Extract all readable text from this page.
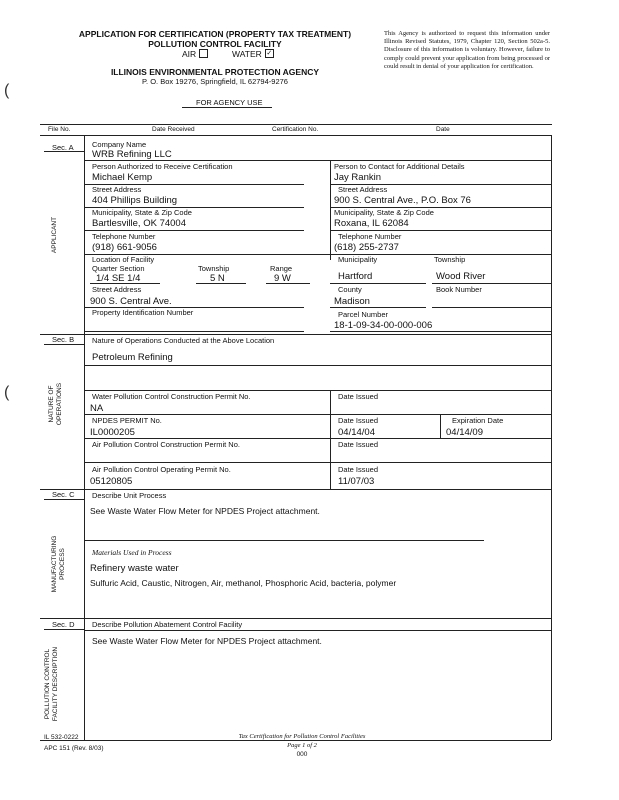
APPLICATION FOR CERTIFICATION (PROPERTY TAX TREATMENT)
POLLUTION CONTROL FACILITY
AIR	WATER ✓
ILLINOIS ENVIRONMENTAL PROTECTION AGENCY
P. O. Box 19276, Springfield, IL 62794-9276
This Agency is authorized to request this information under Illinois Revised Statutes, 1979, Chapter 120, Section 502a-5. Disclosure of this information is voluntary. However, failure to comply could prevent your application from being processed or could result in denial of your application for certification.
FOR AGENCY USE
(
(
File No.	Date Received	Certification No.	Date
Sec. A
APPLICANT
Company Name
WRB Refining LLC
Person Authorized to Receive Certification
Michael Kemp
Person to Contact for Additional Details
Jay Rankin
Street Address
404 Phillips Building
Street Address
900 S. Central Ave., P.O. Box 76
Municipality, State & Zip Code
Bartlesville, OK 74004
Municipality, State & Zip Code
Roxana, IL 62084
Telephone Number
(918) 661-9056
Telephone Number
(618) 255-2737
Location of Facility
Quarter Section
1/4 SE 1/4
Township
5 N
Range
9 W
Municipality
Hartford
Township
Wood River
Street Address
900 S. Central Ave.
County
Madison
Book Number
Property Identification Number	Parcel Number
18-1-09-34-00-000-006
Sec. B
NATURE OF OPERATIONS
Nature of Operations Conducted at the Above Location
Petroleum Refining
Water Pollution Control Construction Permit No.
NA
Date Issued
NPDES PERMIT No.
IL0000205
Date Issued
04/14/04
Expiration Date
04/14/09
Air Pollution Control Construction Permit No.	Date Issued
Air Pollution Control Operating Permit No.
05120805
Date Issued
11/07/03
Sec. C
MANUFACTURING PROCESS
Describe Unit Process
See Waste Water Flow Meter for NPDES Project attachment.
Materials Used in Process
Refinery waste water
Sulfuric Acid, Caustic, Nitrogen, Air, methanol, Phosphoric Acid, bacteria, polymer
Sec. D
POLLUTION CONTROL FACILITY DESCRIPTION
Describe Pollution Abatement Control Facility
See Waste Water Flow Meter for NPDES Project attachment.
IL 532-0222
APC 151 (Rev. 8/03)
Tax Certification for Pollution Control Facilities
Page 1 of 2
000
